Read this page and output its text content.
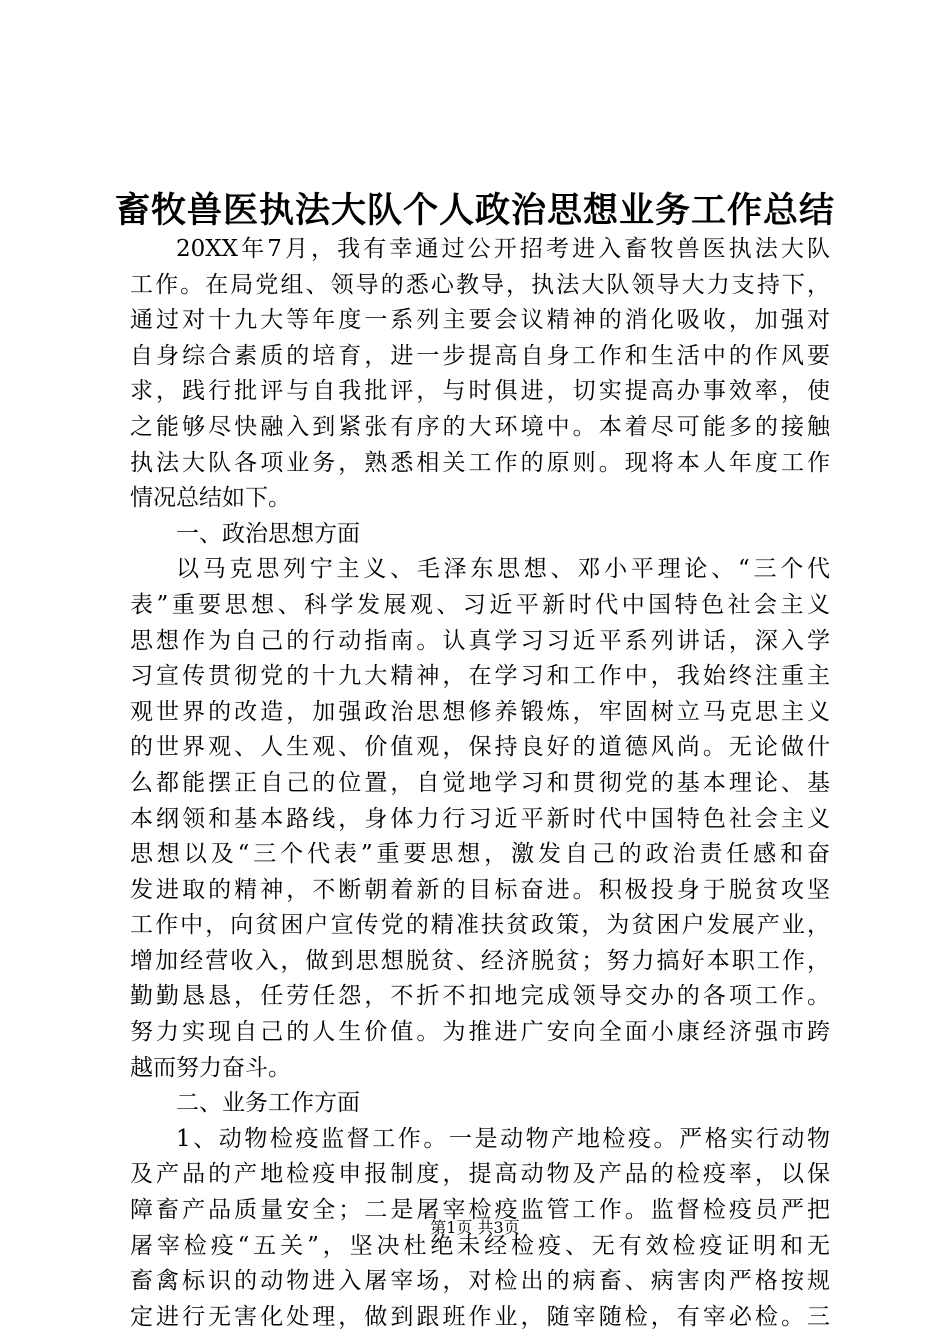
畜牧兽医执法大队个人政治思想业务工作总结
20XX年7月，我有幸通过公开招考进入畜牧兽医执法大队
工作。在局党组、领导的悉心教导，执法大队领导大力支持下，
通过对十九大等年度一系列主要会议精神的消化吸收，加强对
自身综合素质的培育，进一步提高自身工作和生活中的作风要
求，践行批评与自我批评，与时俱进，切实提高办事效率，使
之能够尽快融入到紧张有序的大环境中。本着尽可能多的接触
执法大队各项业务，熟悉相关工作的原则。现将本人年度工作
情况总结如下。
一、政治思想方面
以马克思列宁主义、毛泽东思想、邓小平理论、“三个代
表”重要思想、科学发展观、习近平新时代中国特色社会主义
思想作为自己的行动指南。认真学习习近平系列讲话，深入学
习宣传贯彻党的十九大精神，在学习和工作中，我始终注重主
观世界的改造，加强政治思想修养锻炼，牢固树立马克思主义
的世界观、人生观、价值观，保持良好的道德风尚。无论做什
么都能摆正自己的位置，自觉地学习和贯彻党的基本理论、基
本纲领和基本路线，身体力行习近平新时代中国特色社会主义
思想以及“三个代表”重要思想，激发自己的政治责任感和奋
发进取的精神，不断朝着新的目标奋进。积极投身于脱贫攻坚
工作中，向贫困户宣传党的精准扶贫政策，为贫困户发展产业，
增加经营收入，做到思想脱贫、经济脱贫；努力搞好本职工作，
勤勤恳恳，任劳任怨，不折不扣地完成领导交办的各项工作。
努力实现自己的人生价值。为推进广安向全面小康经济强市跨
越而努力奋斗。
二、业务工作方面
1、动物检疫监督工作。一是动物产地检疫。严格实行动物
及产品的产地检疫申报制度，提高动物及产品的检疫率，以保
障畜产品质量安全；二是屠宰检疫监管工作。监督检疫员严把
屠宰检疫“五关”，坚决杜绝未经检疫、无有效检疫证明和无
畜禽标识的动物进入屠宰场，对检出的病畜、病害肉严格按规
定进行无害化处理，做到跟班作业，随宰随检，有宰必检。三
第1页 共3页
